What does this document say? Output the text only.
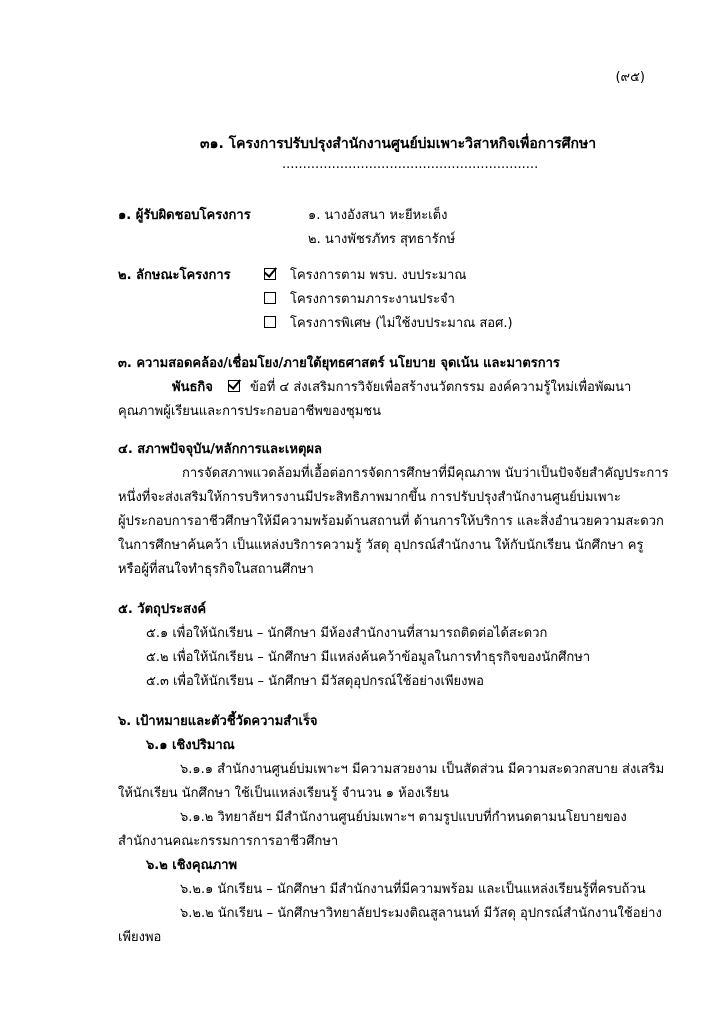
(๙๕)
๓๑. โครงการปรับปรุงสำนักงานศูนย์บ่มเพาะวิสาหกิจเพื่อการศึกษา
..............................................................
๑. ผู้รับผิดชอบโครงการ	๑. นางอังสนา หะยีหะเต็ง
๒. นางพัชรภัทร สุทธารักษ์
๒. ลักษณะโครงการ	โครงการตาม พรบ. งบประมาณ
โครงการตามภาระงานประจำ
โครงการพิเศษ (ไม่ใช้งบประมาณ สอศ.)
๓. ความสอดคล้อง/เชื่อมโยง/ภายใต้ยุทธศาสตร์ นโยบาย จุดเน้น และมาตรการ
พันธกิจ	ข้อที่ ๔ ส่งเสริมการวิจัยเพื่อสร้างนวัตกรรม องค์ความรู้ใหม่เพื่อพัฒนา
คุณภาพผู้เรียนและการประกอบอาชีพของชุมชน
๔. สภาพปัจจุบัน/หลักการและเหตุผล
การจัดสภาพแวดล้อมที่เอื้อต่อการจัดการศึกษาที่มีคุณภาพ นับว่าเป็นปัจจัยสำคัญประการ
หนึ่งที่จะส่งเสริมให้การบริหารงานมีประสิทธิภาพมากขึ้น การปรับปรุงสำนักงานศูนย์บ่มเพาะ
ผู้ประกอบการอาชีวศึกษาให้มีความพร้อมด้านสถานที่ ด้านการให้บริการ และสิ่งอำนวยความสะดวก
ในการศึกษาค้นคว้า เป็นแหล่งบริการความรู้ วัสดุ อุปกรณ์สำนักงาน ให้กับนักเรียน นักศึกษา ครู
หรือผู้ที่สนใจทำธุรกิจในสถานศึกษา
๕. วัตถุประสงค์
๕.๑ เพื่อให้นักเรียน – นักศึกษา มีห้องสำนักงานที่สามารถติดต่อได้สะดวก
๕.๒ เพื่อให้นักเรียน – นักศึกษา มีแหล่งค้นคว้าข้อมูลในการทำธุรกิจของนักศึกษา
๕.๓ เพื่อให้นักเรียน – นักศึกษา มีวัสดุอุปกรณ์ใช้อย่างเพียงพอ
๖. เป้าหมายและตัวชี้วัดความสำเร็จ
๖.๑ เชิงปริมาณ
๖.๑.๑ สำนักงานศูนย์บ่มเพาะฯ มีความสวยงาม เป็นสัดส่วน มีความสะดวกสบาย ส่งเสริม
ให้นักเรียน นักศึกษา ใช้เป็นแหล่งเรียนรู้ จำนวน ๑ ห้องเรียน
๖.๑.๒ วิทยาลัยฯ มีสำนักงานศูนย์บ่มเพาะฯ ตามรูปแบบที่กำหนดตามนโยบายของ
สำนักงานคณะกรรมการการอาชีวศึกษา
๖.๒ เชิงคุณภาพ
๖.๒.๑ นักเรียน – นักศึกษา มีสำนักงานที่มีความพร้อม และเป็นแหล่งเรียนรู้ที่ครบถ้วน
๖.๒.๒ นักเรียน – นักศึกษาวิทยาลัยประมงติณสูลานนท์ มีวัสดุ อุปกรณ์สำนักงานใช้อย่าง
เพียงพอ
